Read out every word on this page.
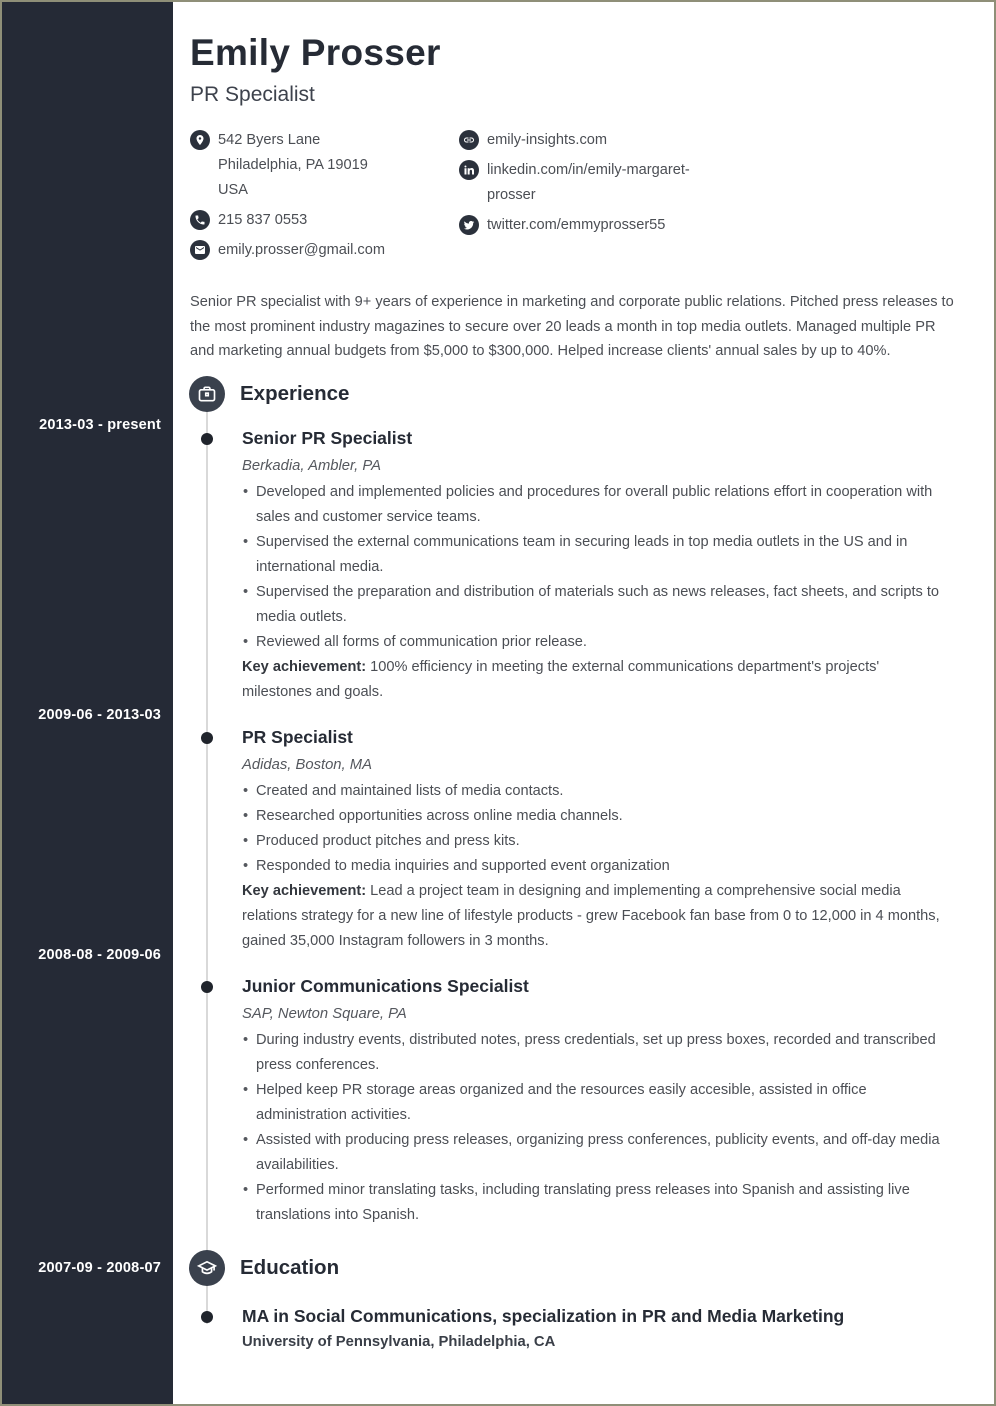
2013-03 - present
2009-06 - 2013-03
2008-08 - 2009-06
2007-09 - 2008-07
Emily Prosser
PR Specialist
542 Byers Lane
Philadelphia, PA 19019
USA
215 837 0553
emily.prosser@gmail.com
emily-insights.com
linkedin.com/in/emily-margaret-prosser
twitter.com/emmyprosser55

Senior PR specialist with 9+ years of experience in marketing and corporate public relations. Pitched press releases to the most prominent industry magazines to secure over 20 leads a month in top media outlets. Managed multiple PR and marketing annual budgets from $5,000 to $300,000. Helped increase clients' annual sales by up to 40%.

Experience
Senior PR Specialist
Berkadia, Ambler, PA
• Developed and implemented policies and procedures for overall public relations effort in cooperation with sales and customer service teams.
• Supervised the external communications team in securing leads in top media outlets in the US and in international media.
• Supervised the preparation and distribution of materials such as news releases, fact sheets, and scripts to media outlets.
• Reviewed all forms of communication prior release.

Key achievement: 100% efficiency in meeting the external communications department's projects' milestones and goals.

PR Specialist
Adidas, Boston, MA
• Created and maintained lists of media contacts.
• Researched opportunities across online media channels.
• Produced product pitches and press kits.
• Responded to media inquiries and supported event organization

Key achievement: Lead a project team in designing and implementing a comprehensive social media relations strategy for a new line of lifestyle products - grew Facebook fan base from 0 to 12,000 in 4 months, gained 35,000 Instagram followers in 3 months.

Junior Communications Specialist
SAP, Newton Square, PA
• During industry events, distributed notes, press credentials, set up press boxes, recorded and transcribed press conferences.
• Helped keep PR storage areas organized and the resources easily accesible, assisted in office administration activities.
• Assisted with producing press releases, organizing press conferences, publicity events, and off-day media availabilities.
• Performed minor translating tasks, including translating press releases into Spanish and assisting live translations into Spanish.
Education
MA in Social Communications, specialization in PR and Media Marketing
University of Pennsylvania, Philadelphia, CA
